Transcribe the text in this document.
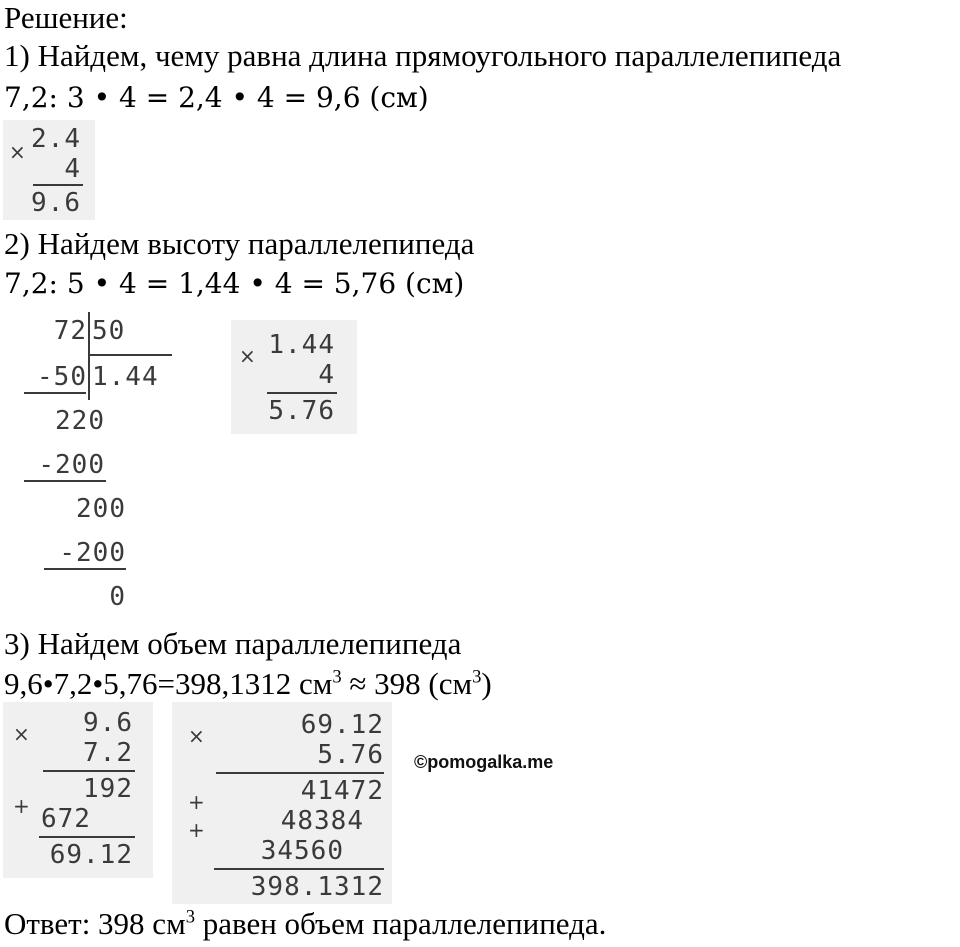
Решение:
1) Найдем, чему равна длина прямоугольного параллелепипеда
7,2: 3 • 4 = 2,4 • 4 = 9,6 (см)
× 2.4
4
9.6
2) Найдем высоту параллелепипеда
7,2: 5 • 4 = 1,44 • 4 = 5,76 (см)
72 50
1.44
-50
220
-200
200
-200
0
× 1.44
4
5.76
3) Найдем объем параллелепипеда
9,6•7,2•5,76=398,1312 $см^3 \approx 398$ $(см^3)$
× 9.6
7.2
192
+ 672
69.12
×	69.12
5.76
41472
+
+	48384
34560
398.1312
©pomogalka.me
Ответ: 398 $см^3$ равен объем параллелепипеда.
